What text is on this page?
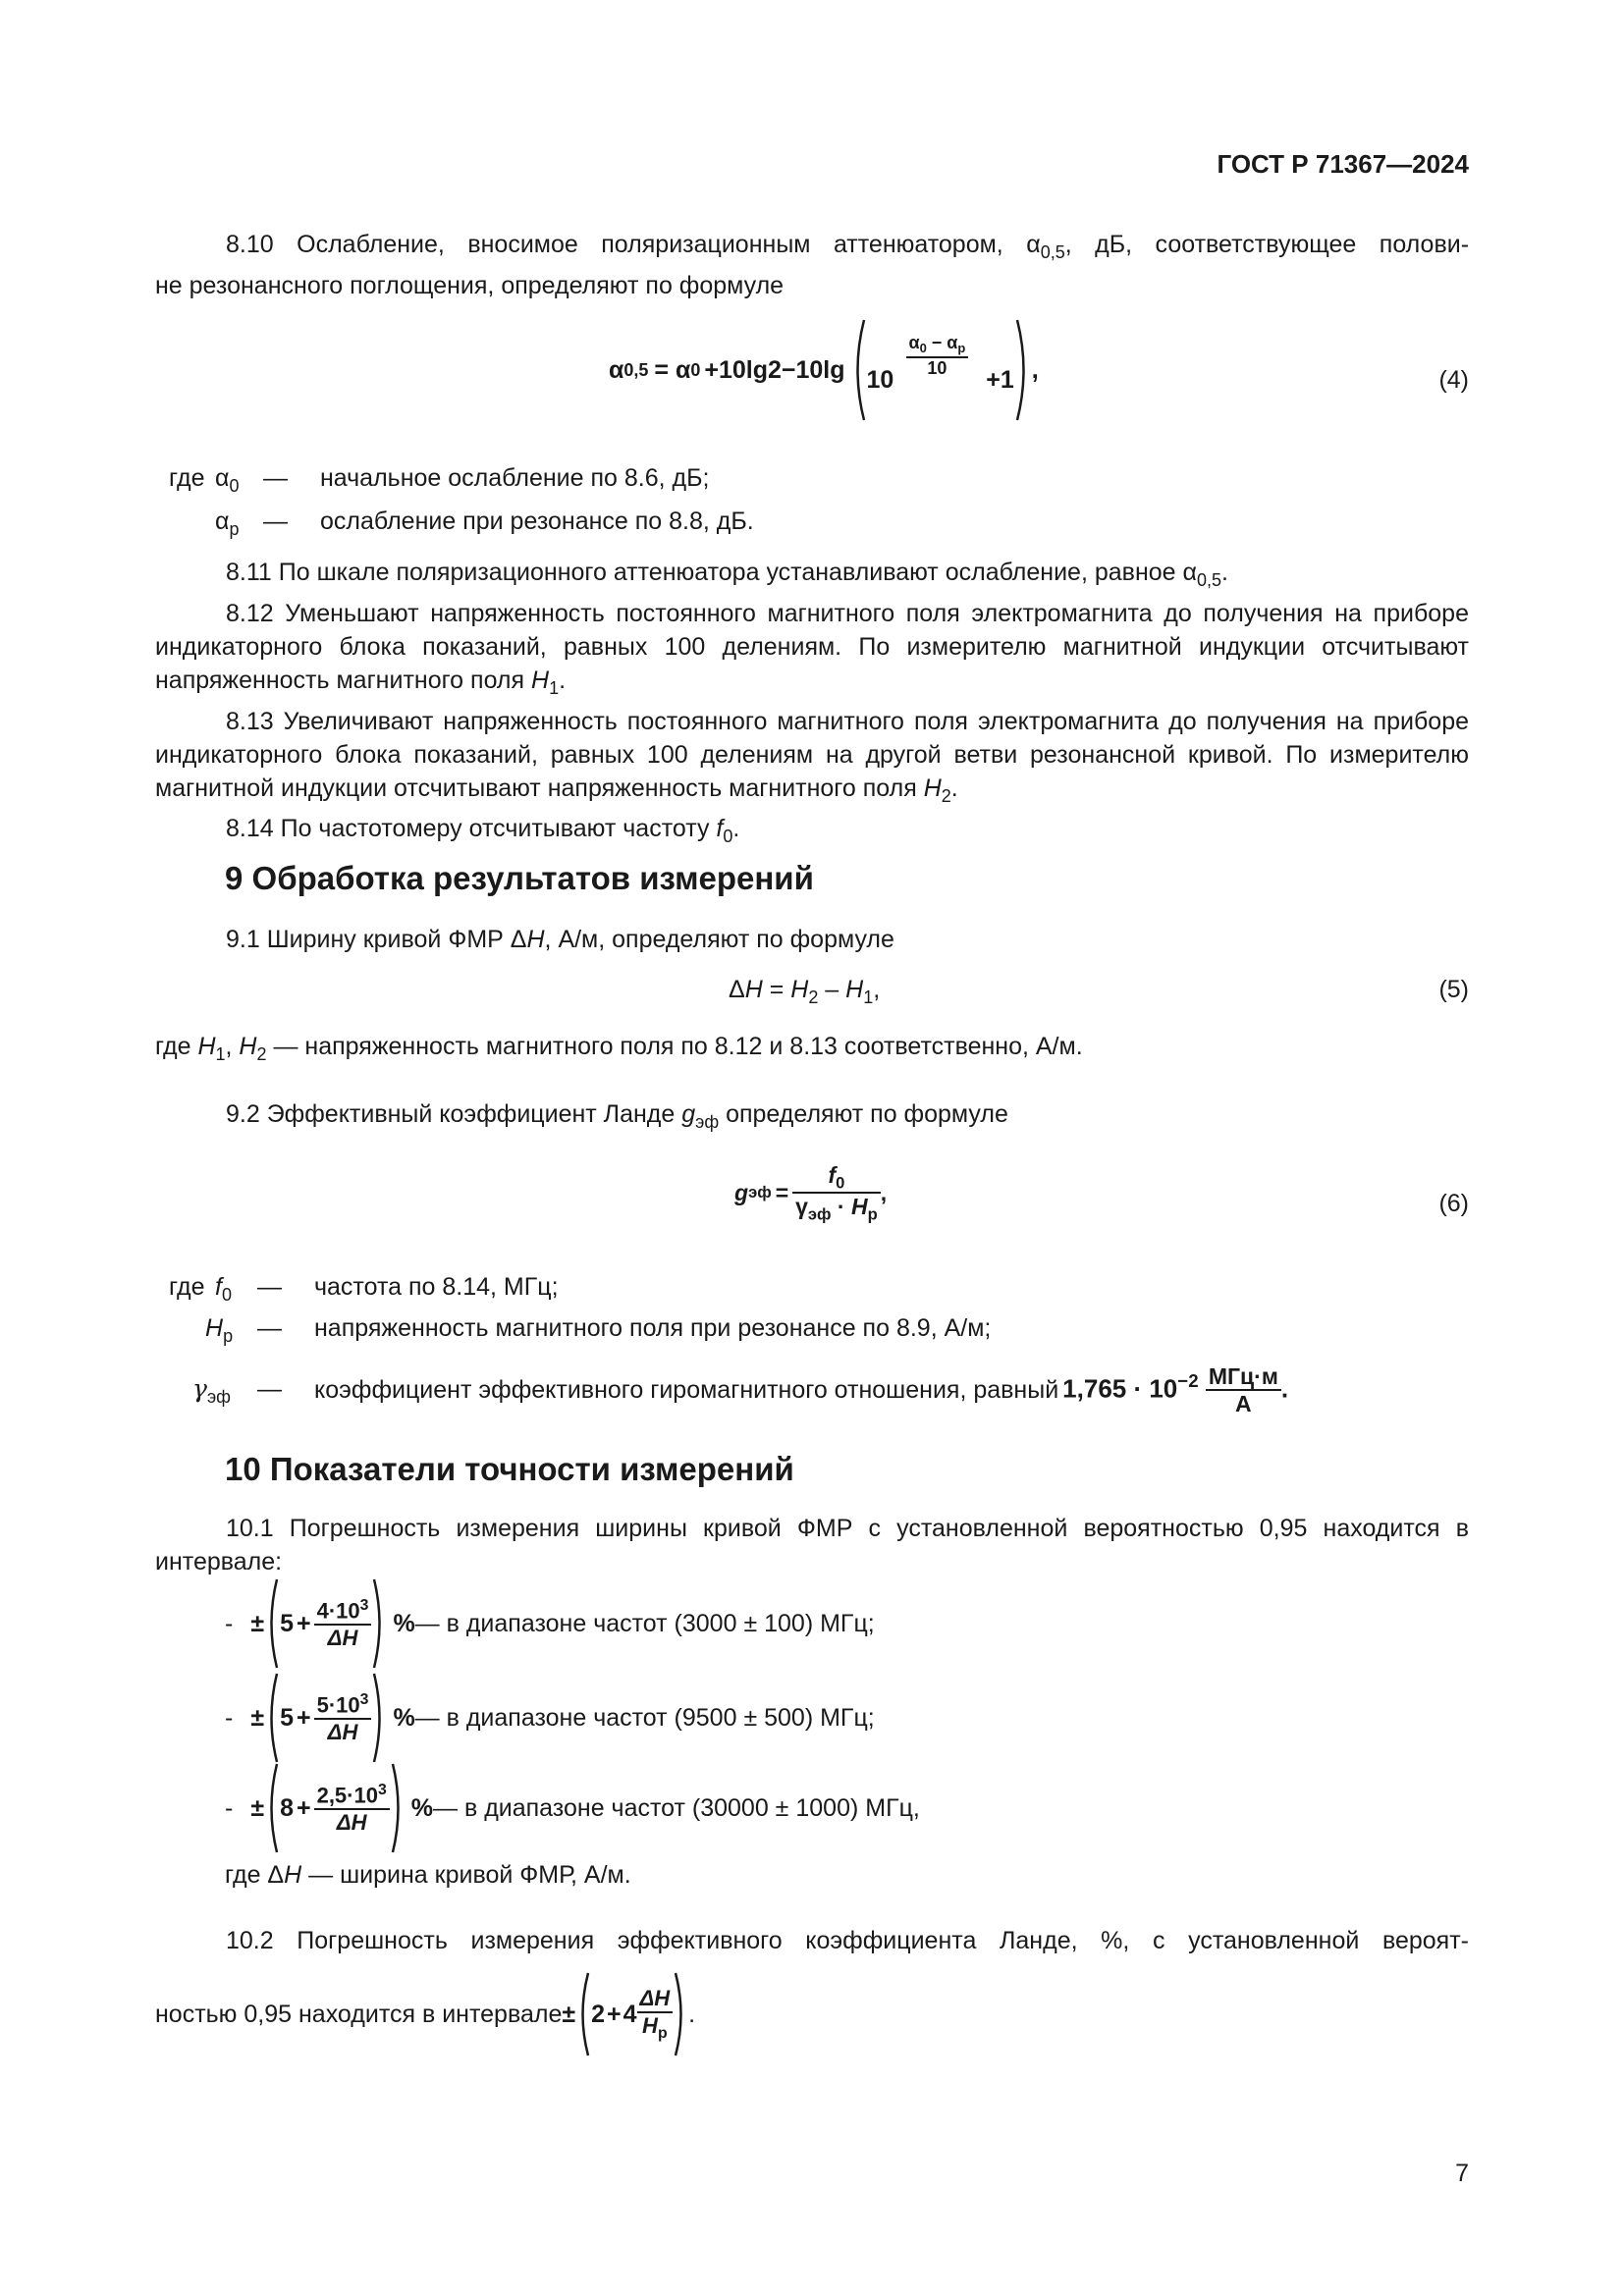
ГОСТ Р 71367—2024
8.10 Ослабление, вносимое поляризационным аттенюатором, $\alpha_{0,5}$, дБ, соответствующее полови-
не резонансного поглощения, определяют по формуле
α 0,5 = α 0 +10lg2−10lg 10
$\frac{\alpha_0 - \alpha_p}{10}$
+1 ,	(4)
где $\alpha_0$ — начальное ослабление по 8.6, дБ;
$\alpha_p$ — ослабление при резонансе по 8.8, дБ.
8.11 По шкале поляризационного аттенюатора устанавливают ослабление, равное $\alpha_{0,5}$.
8.12 Уменьшают напряженность постоянного магнитного поля электромагнита до получения на приборе индикаторного блока показаний, равных 100 делениям. По измерителю магнитной индукции отсчитывают напряженность магнитного поля $H_1$.
8.13 Увеличивают напряженность постоянного магнитного поля электромагнита до получения на приборе индикаторного блока показаний, равных 100 делениям на другой ветви резонансной кривой. По измерителю магнитной индукции отсчитывают напряженность магнитного поля $H_2$.
8.14 По частотомеру отсчитывают частоту $f_0$.
9 Обработка результатов измерений
9.1 Ширину кривой ФМР ΔH, А/м, определяют по формуле
$\Delta H = H_2 - H_1$,	(5)
где $H_1$, $H_2$ — напряженность магнитного поля по 8.12 и 8.13 соответственно, А/м.
9.2 Эффективный коэффициент Ланде $g_{эф}$ определяют по формуле
g эф = $\frac{f_0}{\gamma_{эф} \cdot H_p}$ ,	(6)
где $f_0$ — частота по 8.14, МГц;
$H_p$ — напряженность магнитного поля при резонансе по 8.9, А/м;
$\gamma_{эф}$ — коэффициент эффективного гиромагнитного отношения, равный $1,765 \cdot 10^{-2} \frac{\text{МГц·м}}{А}$ .
10 Показатели точности измерений
10.1 Погрешность измерения ширины кривой ФМР с установленной вероятностью 0,95 находится в интервале:
- ± $5 + \frac{4\cdot 10^3}{\Delta H}$ % — в диапазоне частот (3000 ± 100) МГц;
- ± $5 + \frac{5\cdot 10^3}{\Delta H}$ % — в диапазоне частот (9500 ± 500) МГц;
- ± $8 + \frac{2,5\cdot 10^3}{\Delta H}$ % — в диапазоне частот (30000 ± 1000) МГц,
где ΔH — ширина кривой ФМР, А/м.
10.2 Погрешность измерения эффективного коэффициента Ланде, %, с установленной вероят-
ностью 0,95 находится в интервале ± $2 + 4 \frac{\Delta H}{H_p}$ .
7
